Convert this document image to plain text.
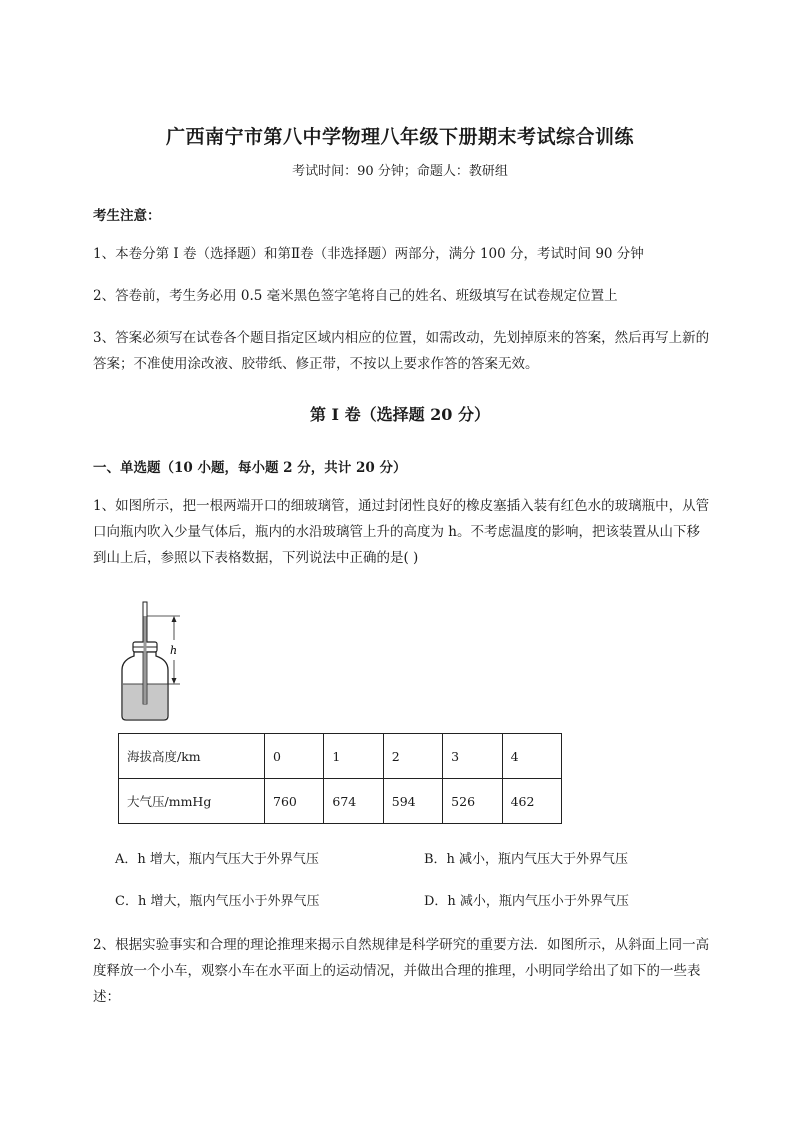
广西南宁市第八中学物理八年级下册期末考试综合训练
考试时间：90 分钟；命题人：教研组
考生注意：
1、本卷分第 I 卷（选择题）和第Ⅱ卷（非选择题）两部分，满分 100 分，考试时间 90 分钟
2、答卷前，考生务必用 0.5 毫米黑色签字笔将自己的姓名、班级填写在试卷规定位置上
3、答案必须写在试卷各个题目指定区域内相应的位置，如需改动，先划掉原来的答案，然后再写上新的答案；不准使用涂改液、胶带纸、修正带，不按以上要求作答的答案无效。
第 I 卷（选择题 20 分）
一、单选题（10 小题，每小题 2 分，共计 20 分）
1、如图所示，把一根两端开口的细玻璃管，通过封闭性良好的橡皮塞插入装有红色水的玻璃瓶中，从管口向瓶内吹入少量气体后，瓶内的水沿玻璃管上升的高度为 h。不考虑温度的影响，把该装置从山下移到山上后，参照以下表格数据，下列说法中正确的是( )
h
海拔高度/km	0	1	2	3	4
大气压/mmHg	760	674	594	526	462
A．h 增大，瓶内气压大于外界气压	B．h 减小，瓶内气压大于外界气压
C．h 增大，瓶内气压小于外界气压	D．h 减小，瓶内气压小于外界气压
2、根据实验事实和合理的理论推理来揭示自然规律是科学研究的重要方法．如图所示，从斜面上同一高度释放一个小车，观察小车在水平面上的运动情况，并做出合理的推理，小明同学给出了如下的一些表述：
